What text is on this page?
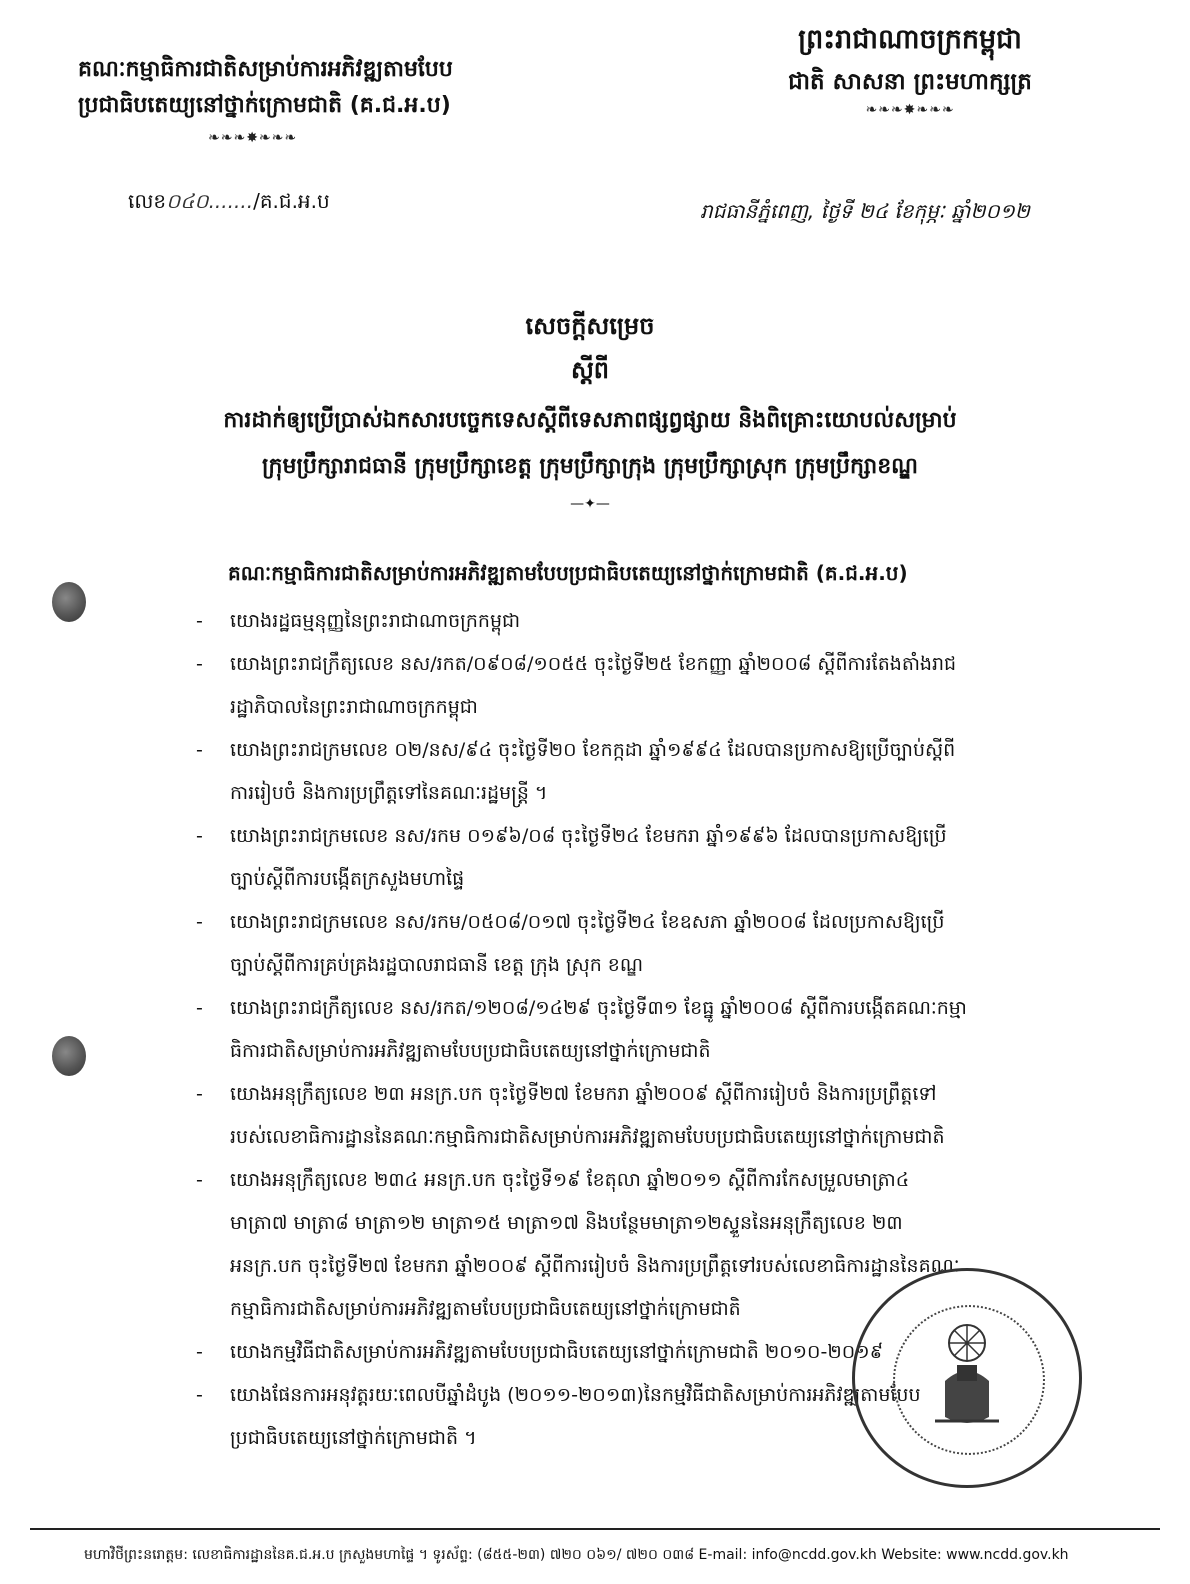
គណៈកម្មាធិការជាតិសម្រាប់ការអភិវឌ្ឍតាមបែប
ប្រជាធិបតេយ្យនៅថ្នាក់ក្រោមជាតិ (គ.ជ.អ.ប)
❧❧❧✸❧❧❧
លេខ០៤០......./គ.ជ.អ.ប
ព្រះរាជាណាចក្រកម្ពុជា
ជាតិ សាសនា ព្រះមហាក្សត្រ
❧❧❧✸❧❧❧
រាជធានីភ្នំពេញ, ថ្ងៃទី ២៤ ខែកុម្ភៈ ឆ្នាំ២០១២
សេចក្ដីសម្រេច
ស្ដីពី
ការដាក់ឲ្យប្រើប្រាស់ឯកសារបច្ចេកទេសស្ដីពីទេសភាពផ្សព្វផ្សាយ និងពិគ្រោះយោបល់សម្រាប់
ក្រុមប្រឹក្សារាជធានី ក្រុមប្រឹក្សាខេត្ត ក្រុមប្រឹក្សាក្រុង ក្រុមប្រឹក្សាស្រុក ក្រុមប្រឹក្សាខណ្ឌ
—✦—
គណៈកម្មាធិការជាតិសម្រាប់ការអភិវឌ្ឍតាមបែបប្រជាធិបតេយ្យនៅថ្នាក់ក្រោមជាតិ (គ.ជ.អ.ប)
- យោងរដ្ឋធម្មនុញ្ញនៃព្រះរាជាណាចក្រកម្ពុជា
- យោងព្រះរាជក្រឹត្យលេខ នស/រកត/០៩០៨/១០៥៥ ចុះថ្ងៃទី២៥ ខែកញ្ញា ឆ្នាំ២០០៨ ស្ដីពីការតែងតាំងរាជ
រដ្ឋាភិបាលនៃព្រះរាជាណាចក្រកម្ពុជា
- យោងព្រះរាជក្រមលេខ ០២/នស/៩៤ ចុះថ្ងៃទី២០ ខែកក្កដា ឆ្នាំ១៩៩៤ ដែលបានប្រកាសឱ្យប្រើច្បាប់ស្ដីពី
ការរៀបចំ និងការប្រព្រឹត្តទៅនៃគណៈរដ្ឋមន្ត្រី ។
- យោងព្រះរាជក្រមលេខ នស/រកម ០១៩៦/០៨ ចុះថ្ងៃទី២៤ ខែមករា ឆ្នាំ១៩៩៦ ដែលបានប្រកាសឱ្យប្រើ
ច្បាប់ស្ដីពីការបង្កើតក្រសួងមហាផ្ទៃ
- យោងព្រះរាជក្រមលេខ នស/រកម/០៥០៨/០១៧ ចុះថ្ងៃទី២៤ ខែឧសភា ឆ្នាំ២០០៨ ដែលប្រកាសឱ្យប្រើ
ច្បាប់ស្ដីពីការគ្រប់គ្រងរដ្ឋបាលរាជធានី ខេត្ត ក្រុង ស្រុក ខណ្ឌ
- យោងព្រះរាជក្រឹត្យលេខ នស/រកត/១២០៨/១៤២៩ ចុះថ្ងៃទី៣១ ខែធ្នូ ឆ្នាំ២០០៨ ស្ដីពីការបង្កើតគណៈកម្មា
ធិការជាតិសម្រាប់ការអភិវឌ្ឍតាមបែបប្រជាធិបតេយ្យនៅថ្នាក់ក្រោមជាតិ
- យោងអនុក្រឹត្យលេខ ២៣ អនក្រ.បក ចុះថ្ងៃទី២៧ ខែមករា ឆ្នាំ២០០៩ ស្ដីពីការរៀបចំ និងការប្រព្រឹត្តទៅ
របស់លេខាធិការដ្ឋាននៃគណៈកម្មាធិការជាតិសម្រាប់ការអភិវឌ្ឍតាមបែបប្រជាធិបតេយ្យនៅថ្នាក់ក្រោមជាតិ
- យោងអនុក្រឹត្យលេខ ២៣៤ អនក្រ.បក ចុះថ្ងៃទី១៩ ខែតុលា ឆ្នាំ២០១១ ស្ដីពីការកែសម្រួលមាត្រា៤
មាត្រា៧ មាត្រា៨ មាត្រា១២ មាត្រា១៥ មាត្រា១៧ និងបន្ថែមមាត្រា១២ស្ទួននៃអនុក្រឹត្យលេខ ២៣
អនក្រ.បក ចុះថ្ងៃទី២៧ ខែមករា ឆ្នាំ២០០៩ ស្ដីពីការរៀបចំ និងការប្រព្រឹត្តទៅរបស់លេខាធិការដ្ឋាននៃគណៈ
កម្មាធិការជាតិសម្រាប់ការអភិវឌ្ឍតាមបែបប្រជាធិបតេយ្យនៅថ្នាក់ក្រោមជាតិ
- យោងកម្មវិធីជាតិសម្រាប់ការអភិវឌ្ឍតាមបែបប្រជាធិបតេយ្យនៅថ្នាក់ក្រោមជាតិ ២០១០-២០១៩
- យោងផែនការអនុវត្តរយៈពេលបីឆ្នាំដំបូង (២០១១-២០១៣)នៃកម្មវិធីជាតិសម្រាប់ការអភិវឌ្ឍតាមបែប
ប្រជាធិបតេយ្យនៅថ្នាក់ក្រោមជាតិ ។
មហាវិថីព្រះនរោត្តម: លេខាធិការដ្ឋាននៃគ.ជ.អ.ប ក្រសួងមហាផ្ទៃ ។ ទូរស័ព្ទ: (៨៥៥-២៣) ៧២០ ០៦១/ ៧២០ ០៣៨ E-mail: info@ncdd.gov.kh Website: www.ncdd.gov.kh
